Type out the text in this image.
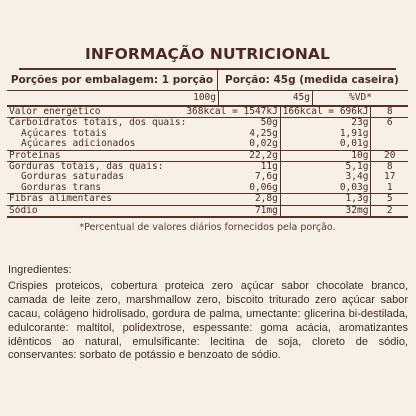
INFORMAÇÃO NUTRICIONAL
Porções por embalagem: 1 porção	Porção: 45g (medida caseira)
100g	45g	%VD*
Valor energético	368kcal = 1547kJ	166kcal = 696kJ	8
Carboidratos totais, dos quais:	50g	23g	6
Açúcares totais	4,25g	1,91g	
Açúcares adicionados	0,02g	0,01g	
Proteínas	22,2g	10g	20
Gorduras totais, das quais:	11g	5,1g	8
Gorduras saturadas	7,6g	3,4g	17
Gorduras trans	0,06g	0,03g	1
Fibras alimentares	2,8g	1,3g	5
Sódio	71mg	32mg	2
*Percentual de valores diários fornecidos pela porção.
Ingredientes:
Crispies proteicos, cobertura proteica zero açúcar sabor chocolate branco, camada de leite zero, marshmallow zero, biscoito triturado zero açúcar sabor cacau, colágeno hidrolisado, gordura de palma, umectante: glicerina bi-destilada, edulcorante: maltitol, polidextrose, espessante: goma acácia, aromatizantes idênticos ao natural, emulsificante: lecitina de soja, cloreto de sódio, conservantes: sorbato de potássio e benzoato de sódio.
